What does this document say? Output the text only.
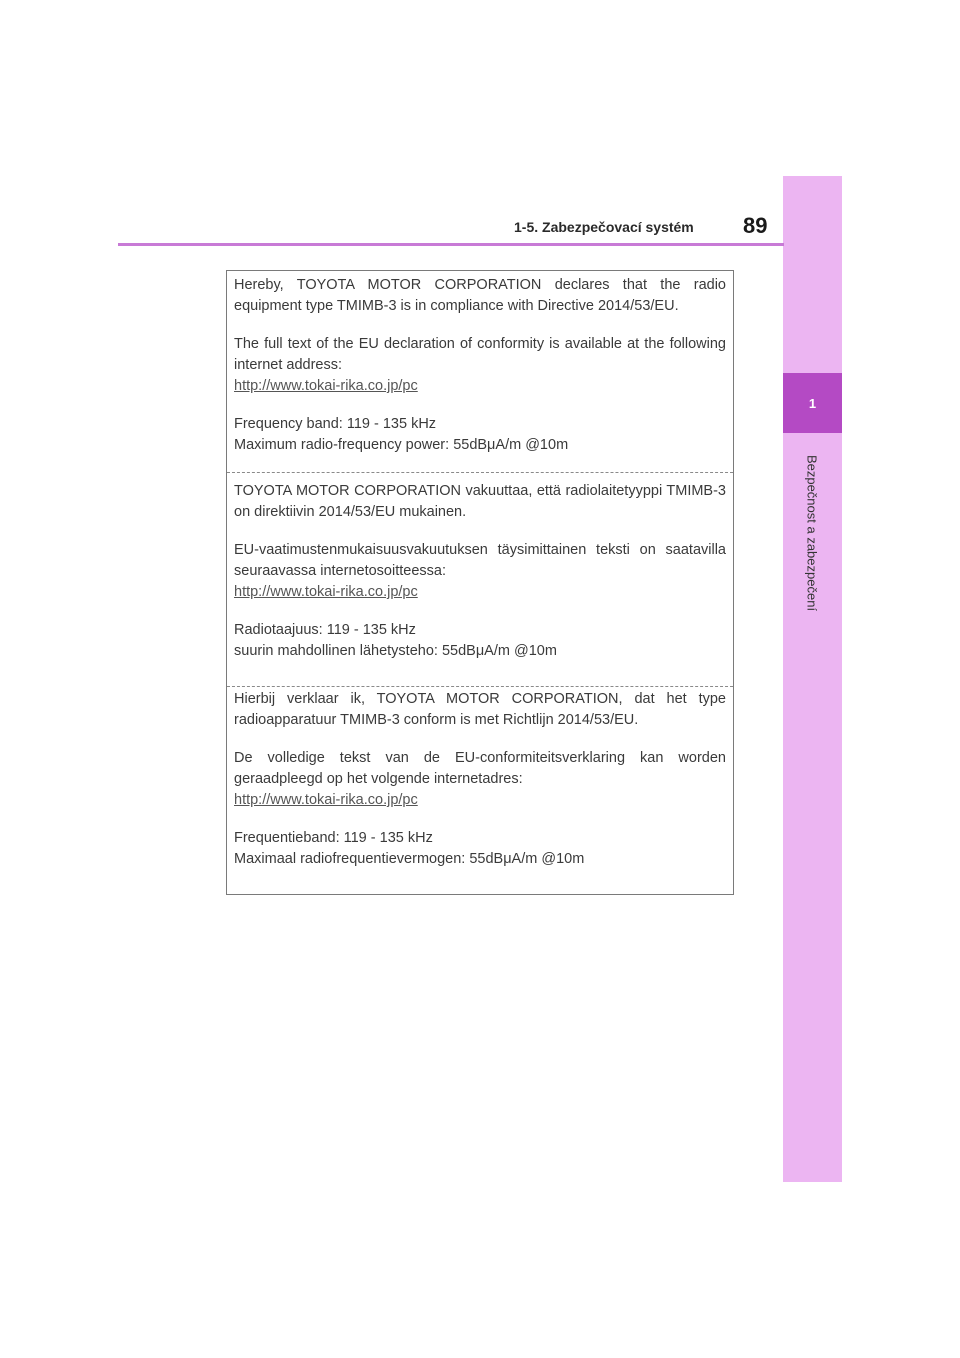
1
Bezpečnost a zabezpečení
1-5. Zabezpečovací systém 89

Hereby, TOYOTA MOTOR CORPORATION declares that the radio equipment type TMIMB-3 is in compliance with Directive 2014/53/EU.

The full text of the EU declaration of conformity is available at the following internet address:

http://www.tokai-rika.co.jp/pc

Frequency band: 119 - 135 kHz

Maximum radio-frequency power: 55dBμA/m @10m

TOYOTA MOTOR CORPORATION vakuuttaa, että radiolaitetyyppi TMIMB-3 on direktiivin 2014/53/EU mukainen.

EU-vaatimustenmukaisuusvakuutuksen täysimittainen teksti on saatavilla seuraavassa internetosoitteessa:

http://www.tokai-rika.co.jp/pc

Radiotaajuus: 119 - 135 kHz

suurin mahdollinen lähetysteho: 55dBμA/m @10m

Hierbij verklaar ik, TOYOTA MOTOR CORPORATION, dat het type radioapparatuur TMIMB-3 conform is met Richtlijn 2014/53/EU.

De volledige tekst van de EU-conformiteitsverklaring kan worden geraadpleegd op het volgende internetadres:

http://www.tokai-rika.co.jp/pc

Frequentieband: 119 - 135 kHz

Maximaal radiofrequentievermogen: 55dBμA/m @10m
